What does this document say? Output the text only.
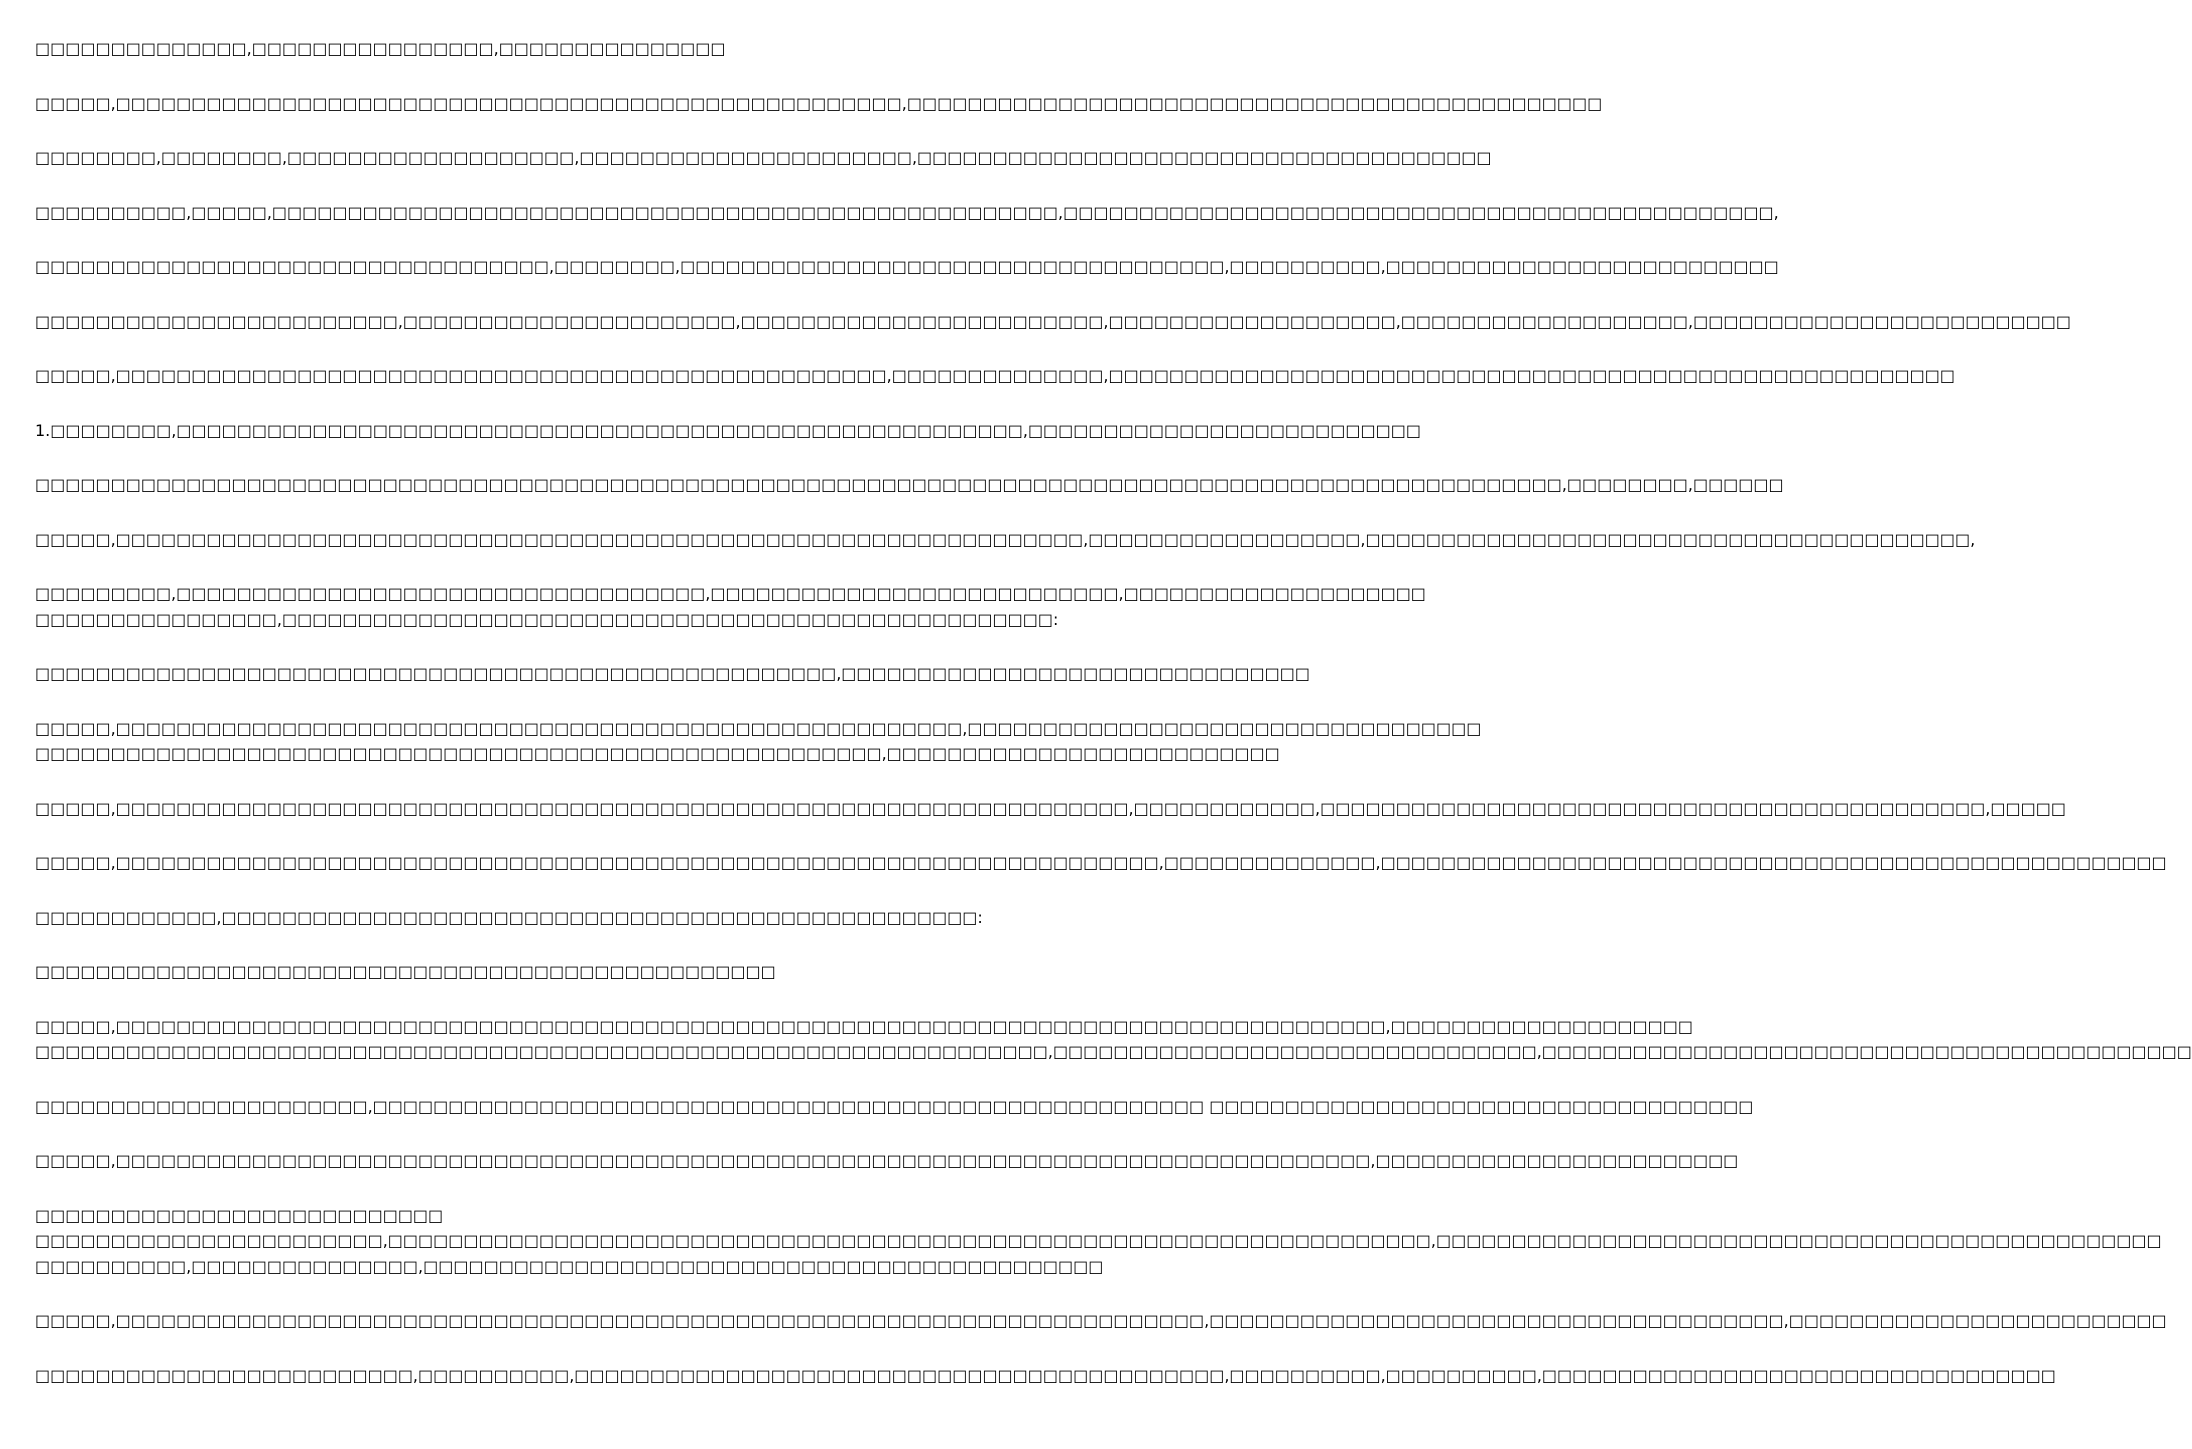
□□□□□□□□□□□□□□,□□□□□□□□□□□□□□□□,□□□□□□□□□□□□□□□
□□□□□,□□□□□□□□□□□□□□□□□□□□□□□□□□□□□□□□□□□□□□□□□□□□□□□□□□□□,□□□□□□□□□□□□□□□□□□□□□□□□□□□□□□□□□□□□□□□□□□□□□□
□□□□□□□□,□□□□□□□□,□□□□□□□□□□□□□□□□□□□,□□□□□□□□□□□□□□□□□□□□□□,□□□□□□□□□□□□□□□□□□□□□□□□□□□□□□□□□□□□□□
□□□□□□□□□□,□□□□□,□□□□□□□□□□□□□□□□□□□□□□□□□□□□□□□□□□□□□□□□□□□□□□□□□□□□,□□□□□□□□□□□□□□□□□□□□□□□□□□□□□□□□□□□□□□□□□□□□□□□,
□□□□□□□□□□□□□□□□□□□□□□□□□□□□□□□□□□,□□□□□□□□,□□□□□□□□□□□□□□□□□□□□□□□□□□□□□□□□□□□□,□□□□□□□□□□,□□□□□□□□□□□□□□□□□□□□□□□□□□
□□□□□□□□□□□□□□□□□□□□□□□□,□□□□□□□□□□□□□□□□□□□□□□,□□□□□□□□□□□□□□□□□□□□□□□□,□□□□□□□□□□□□□□□□□□□,□□□□□□□□□□□□□□□□□□□,□□□□□□□□□□□□□□□□□□□□□□□□□
□□□□□,□□□□□□□□□□□□□□□□□□□□□□□□□□□□□□□□□□□□□□□□□□□□□□□□□□□,□□□□□□□□□□□□□□,□□□□□□□□□□□□□□□□□□□□□□□□□□□□□□□□□□□□□□□□□□□□□□□□□□□□□□□□
1.□□□□□□□□,□□□□□□□□□□□□□□□□□□□□□□□□□□□□□□□□□□□□□□□□□□□□□□□□□□□□□□□□,□□□□□□□□□□□□□□□□□□□□□□□□□□
□□□□□□□□□□□□□□□□□□□□□□□□□□□□□□□□□□□□□□□□□□□□□□□□□□□□□□□□□□□□□□□□□□□□□□□□□□□□□□□□□□□□□□□□□□□□□□□□□□□□□,□□□□□□□□,□□□□□□
□□□□□,□□□□□□□□□□□□□□□□□□□□□□□□□□□□□□□□□□□□□□□□□□□□□□□□□□□□□□□□□□□□□□□□,□□□□□□□□□□□□□□□□□□,□□□□□□□□□□□□□□□□□□□□□□□□□□□□□□□□□□□□□□□□,
□□□□□□□□□,□□□□□□□□□□□□□□□□□□□□□□□□□□□□□□□□□□□,□□□□□□□□□□□□□□□□□□□□□□□□□□□,□□□□□□□□□□□□□□□□□□□□
□□□□□□□□□□□□□□□□,□□□□□□□□□□□□□□□□□□□□□□□□□□□□□□□□□□□□□□□□□□□□□□□□□□□:
□□□□□□□□□□□□□□□□□□□□□□□□□□□□□□□□□□□□□□□□□□□□□□□□□□□□□,□□□□□□□□□□□□□□□□□□□□□□□□□□□□□□□
□□□□□,□□□□□□□□□□□□□□□□□□□□□□□□□□□□□□□□□□□□□□□□□□□□□□□□□□□□□□□□,□□□□□□□□□□□□□□□□□□□□□□□□□□□□□□□□□□
□□□□□□□□□□□□□□□□□□□□□□□□□□□□□□□□□□□□□□□□□□□□□□□□□□□□□□□□,□□□□□□□□□□□□□□□□□□□□□□□□□□
□□□□□,□□□□□□□□□□□□□□□□□□□□□□□□□□□□□□□□□□□□□□□□□□□□□□□□□□□□□□□□□□□□□□□□□□□,□□□□□□□□□□□□,□□□□□□□□□□□□□□□□□□□□□□□□□□□□□□□□□□□□□□□□□□□□,□□□□□
□□□□□,□□□□□□□□□□□□□□□□□□□□□□□□□□□□□□□□□□□□□□□□□□□□□□□□□□□□□□□□□□□□□□□□□□□□□,□□□□□□□□□□□□□□,□□□□□□□□□□□□□□□□□□□□□□□□□□□□□□□□□□□□□□□□□□□□□□□□□□□□
□□□□□□□□□□□□,□□□□□□□□□□□□□□□□□□□□□□□□□□□□□□□□□□□□□□□□□□□□□□□□□□:
□□□□□□□□□□□□□□□□□□□□□□□□□□□□□□□□□□□□□□□□□□□□□□□□□
□□□□□,□□□□□□□□□□□□□□□□□□□□□□□□□□□□□□□□□□□□□□□□□□□□□□□□□□□□□□□□□□□□□□□□□□□□□□□□□□□□□□□□□□□□,□□□□□□□□□□□□□□□□□□□□
□□□□□□□□□□□□□□□□□□□□□□□□□□□□□□□□□□□□□□□□□□□□□□□□□□□□□□□□□□□□□□□□□□□,□□□□□□□□□□□□□□□□□□□□□□□□□□□□□□□□,□□□□□□□□□□□□□□□□□□□□□□□□□□□□□□□□□□□□□□□□□□□
□□□□□□□□□□□□□□□□□□□□□□,□□□□□□□□□□□□□□□□□□□□□□□□□□□□□□□□□□□□□□□□□□□□□□□□□□□□□□□ □□□□□□□□□□□□□□□□□□□□□□□□□□□□□□□□□□□□
□□□□□,□□□□□□□□□□□□□□□□□□□□□□□□□□□□□□□□□□□□□□□□□□□□□□□□□□□□□□□□□□□□□□□□□□□□□□□□□□□□□□□□□□□,□□□□□□□□□□□□□□□□□□□□□□□□
□□□□□□□□□□□□□□□□□□□□□□□□□□□
□□□□□□□□□□□□□□□□□□□□□□□,□□□□□□□□□□□□□□□□□□□□□□□□□□□□□□□□□□□□□□□□□□□□□□□□□□□□□□□□□□□□□□□□□□□□□,□□□□□□□□□□□□□□□□□□□□□□□□□□□□□□□□□□□□□□□□□□□□□□□□
□□□□□□□□□□,□□□□□□□□□□□□□□□,□□□□□□□□□□□□□□□□□□□□□□□□□□□□□□□□□□□□□□□□□□□□□
□□□□□,□□□□□□□□□□□□□□□□□□□□□□□□□□□□□□□□□□□□□□□□□□□□□□□□□□□□□□□□□□□□□□□□□□□□□□□□,□□□□□□□□□□□□□□□□□□□□□□□□□□□□□□□□□□□□□□,□□□□□□□□□□□□□□□□□□□□□□□□□
□□□□□□□□□□□□□□□□□□□□□□□□□,□□□□□□□□□□,□□□□□□□□□□□□□□□□□□□□□□□□□□□□□□□□□□□□□□□□□□□,□□□□□□□□□□,□□□□□□□□□□,□□□□□□□□□□□□□□□□□□□□□□□□□□□□□□□□□□
